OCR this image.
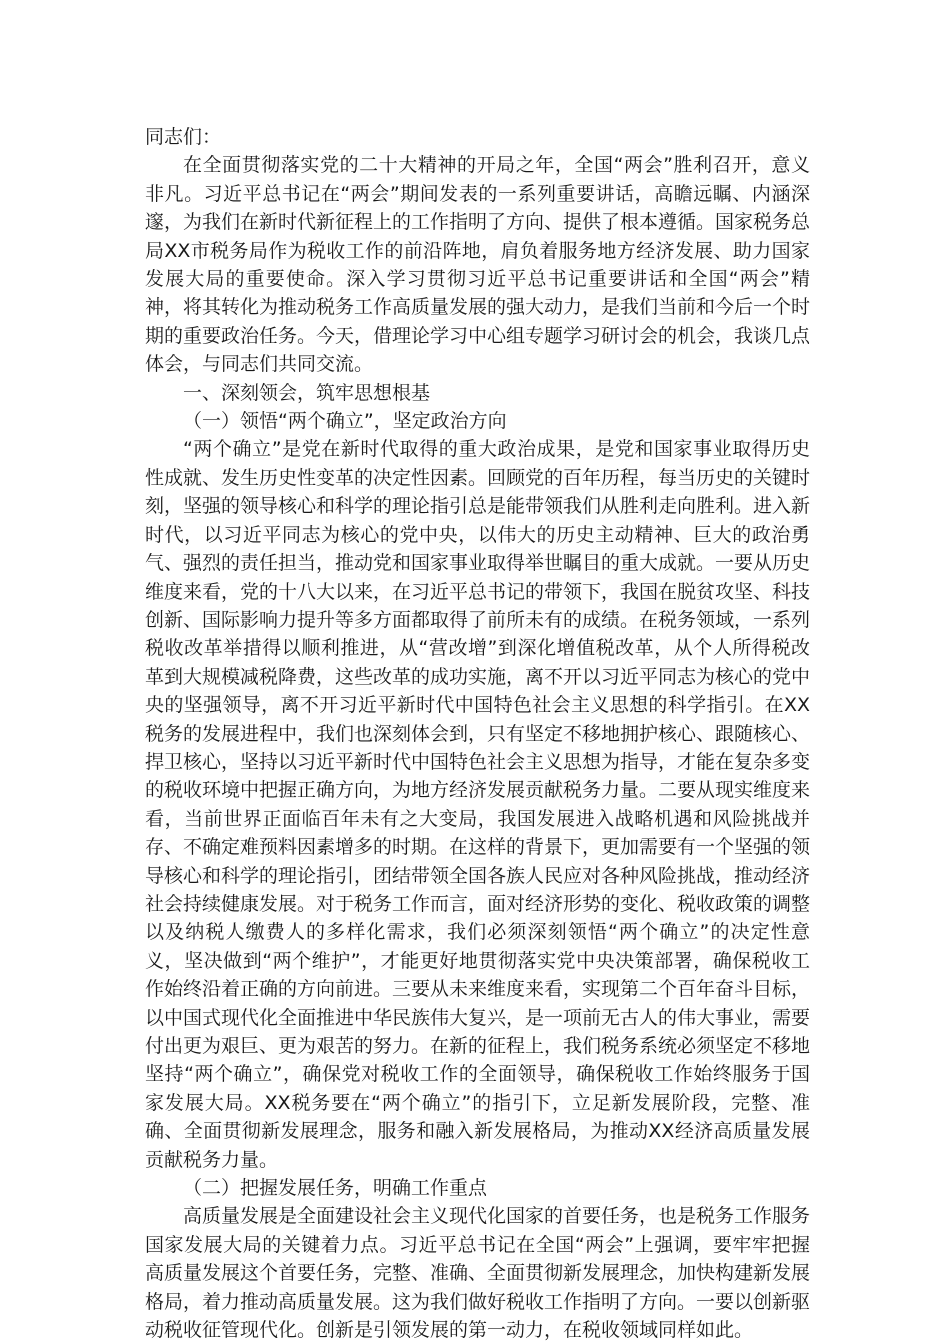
同志们：

在全面贯彻落实党的二十大精神的开局之年，全国“两会”胜利召开，意义非凡。习近平总书记在“两会”期间发表的一系列重要讲话，高瞻远瞩、内涵深邃，为我们在新时代新征程上的工作指明了方向、提供了根本遵循。国家税务总局XX市税务局作为税收工作的前沿阵地，肩负着服务地方经济发展、助力国家发展大局的重要使命。深入学习贯彻习近平总书记重要讲话和全国“两会”精神，将其转化为推动税务工作高质量发展的强大动力，是我们当前和今后一个时期的重要政治任务。今天，借理论学习中心组专题学习研讨会的机会，我谈几点体会，与同志们共同交流。

一、深刻领会，筑牢思想根基

（一）领悟“两个确立”，坚定政治方向

“两个确立”是党在新时代取得的重大政治成果，是党和国家事业取得历史性成就、发生历史性变革的决定性因素。回顾党的百年历程，每当历史的关键时刻，坚强的领导核心和科学的理论指引总是能带领我们从胜利走向胜利。进入新时代，以习近平同志为核心的党中央，以伟大的历史主动精神、巨大的政治勇气、强烈的责任担当，推动党和国家事业取得举世瞩目的重大成就。一要从历史维度来看，党的十八大以来，在习近平总书记的带领下，我国在脱贫攻坚、科技创新、国际影响力提升等多方面都取得了前所未有的成绩。在税务领域，一系列税收改革举措得以顺利推进，从“营改增”到深化增值税改革，从个人所得税改革到大规模减税降费，这些改革的成功实施，离不开以习近平同志为核心的党中央的坚强领导，离不开习近平新时代中国特色社会主义思想的科学指引。在XX税务的发展进程中，我们也深刻体会到，只有坚定不移地拥护核心、跟随核心、捍卫核心，坚持以习近平新时代中国特色社会主义思想为指导，才能在复杂多变的税收环境中把握正确方向，为地方经济发展贡献税务力量。二要从现实维度来看，当前世界正面临百年未有之大变局，我国发展进入战略机遇和风险挑战并存、不确定难预料因素增多的时期。在这样的背景下，更加需要有一个坚强的领导核心和科学的理论指引，团结带领全国各族人民应对各种风险挑战，推动经济社会持续健康发展。对于税务工作而言，面对经济形势的变化、税收政策的调整以及纳税人缴费人的多样化需求，我们必须深刻领悟“两个确立”的决定性意义，坚决做到“两个维护”，才能更好地贯彻落实党中央决策部署，确保税收工作始终沿着正确的方向前进。三要从未来维度来看，实现第二个百年奋斗目标，以中国式现代化全面推进中华民族伟大复兴，是一项前无古人的伟大事业，需要付出更为艰巨、更为艰苦的努力。在新的征程上，我们税务系统必须坚定不移地坚持“两个确立”，确保党对税收工作的全面领导，确保税收工作始终服务于国家发展大局。XX税务要在“两个确立”的指引下，立足新发展阶段，完整、准确、全面贯彻新发展理念，服务和融入新发展格局，为推动XX经济高质量发展贡献税务力量。

（二）把握发展任务，明确工作重点

高质量发展是全面建设社会主义现代化国家的首要任务，也是税务工作服务国家发展大局的关键着力点。习近平总书记在全国“两会”上强调，要牢牢把握高质量发展这个首要任务，完整、准确、全面贯彻新发展理念，加快构建新发展格局，着力推动高质量发展。这为我们做好税收工作指明了方向。一要以创新驱动税收征管现代化。创新是引领发展的第一动力，在税收领域同样如此。
